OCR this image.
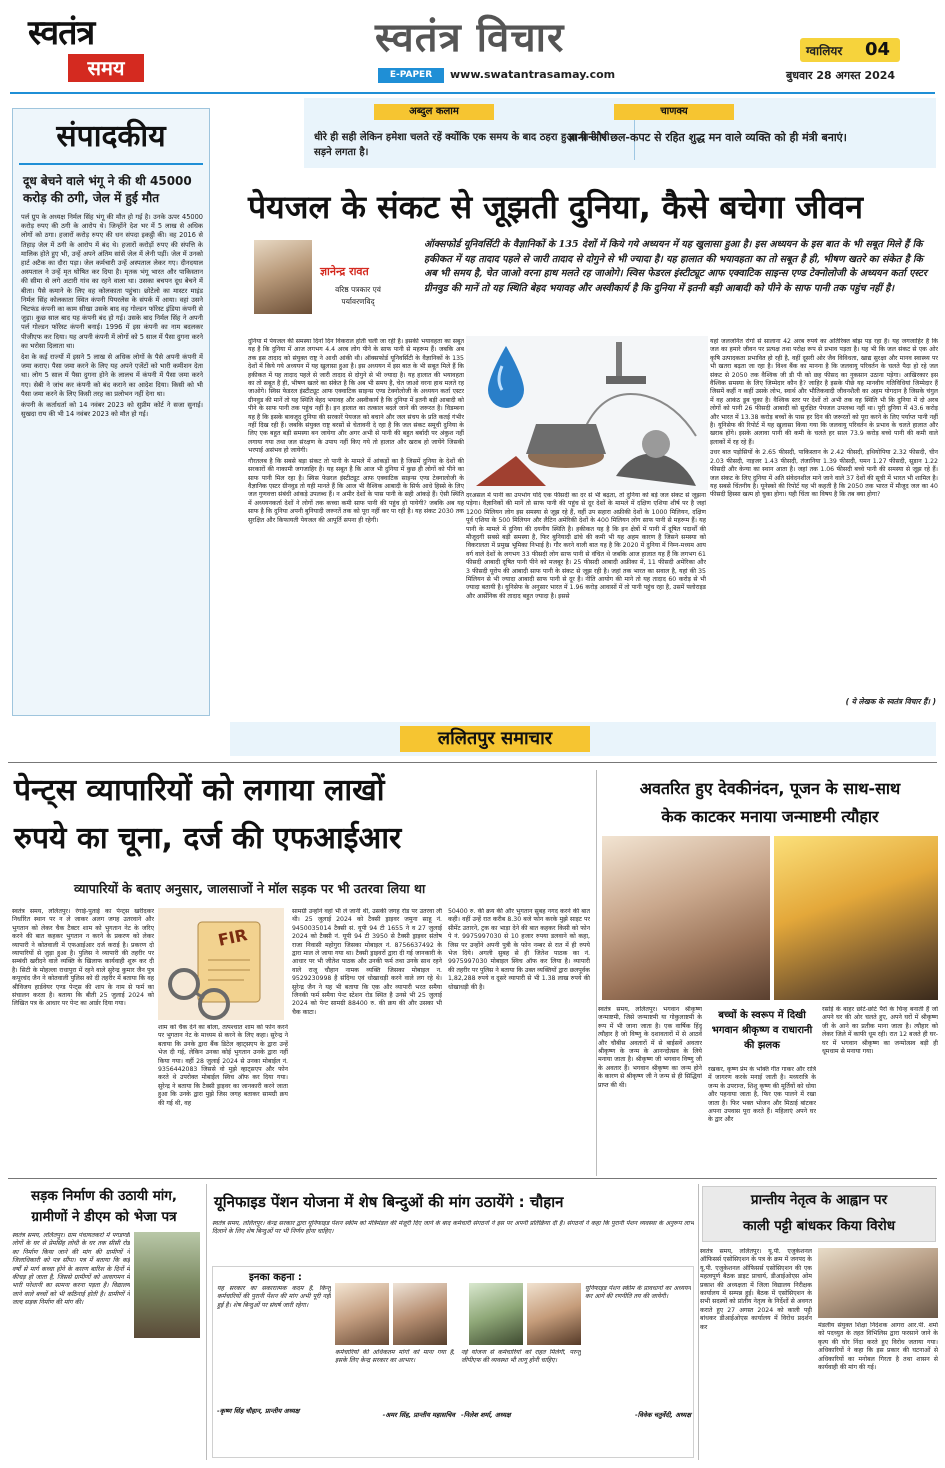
स्वतंत्र
समय
स्वतंत्र विचार
E-PAPER	www.swatantrasamay.com
ग्वालियर 04
बुधवार 28 अगस्त 2024
अब्दुल कलाम
धीरे ही सही लेकिन हमेशा चलते रहें क्योंकि एक समय के बाद ठहरा हुआ पानी भी सड़ने लगता है।
चाणक्य
ज्ञानी और छल-कपट से रहित शुद्ध मन वाले व्यक्ति को ही मंत्री बनाएं।
संपादकीय
दूध बेचने वाले भंगू ने की थी 45000 करोड़ की ठगी, जेल में हुई मौत

पर्ल ग्रुप के अध्यक्ष निर्मल सिंह भंगू की मौत हो गई है। उनके ऊपर 45000 करोड़ रुपए की ठगी के आरोप थे। जिन्होंने देश भर में 5 लाख से अधिक लोगों को ठगा। हजारों करोड़ रुपए की धन संपदा इकट्ठी की। वह 2016 से तिहाड़ जेल में ठगी के आरोप में बंद थे। हजारों करोड़ों रुपए की संपत्ति के मालिक होते हुए भी, उन्हें अपने अंतिम सांसें जेल में लेनी पड़ीं। जेल में उनको हार्ट अटैक का दौरा पड़ा। जेल कर्मचारी उन्हें अस्पताल लेकर गए। दीनदयाल अस्पताल ने उन्हें मृत घोषित कर दिया है। मृतक भंगू भारत और पाकिस्तान की सीमा से लगे अटारी गांव का रहने वाला था। उसका बचपन दूध बेचने में बीता। पैसे कमाने के लिए वह कोलकाता पहुंचा। छोटेलो का मास्टर माइंड निर्मल सिंह कोलकाता स्थित कंपनी पियरलेस के संपर्क में आया। वहां उसने चिटफंड कंपनी का काम सीखा उसके बाद वह गोल्डन फॉरेस्ट इंडिया कंपनी से जुड़ा। कुछ साल बाद यह कंपनी बंद हो गई। उसके बाद निर्मल सिंह ने अपनी पर्ल गोल्डन फॉरेस्ट कंपनी बनाई। 1996 में इस कंपनी का नाम बदलकर पीजीएफ कर दिया। यह अपनी कंपनी में लोगों को 5 साल में पैसा दुगना करने का भरोसा दिलाता था।

देश के कई राज्यों में इसने 5 लाख से अधिक लोगों के पैसे अपनी कंपनी में जमा कराए। पैसा जमा करने के लिए यह अपने एजेंटों को भारी कमीशन देता था। लोग 5 साल में पैसा दुगना होने के लालच में कंपनी में पैसा जमा करने गए। सेबी ने जांच कर कंपनी को बंद कराने का आदेश दिया। किसी को भी पैसा जमा करने के लिए किसी तरह का प्रलोभन नहीं देना था।

कंपनी के कर्ताधर्ता को 14 नवंबर 2023 को सुप्रीम कोर्ट ने सजा सुनाई। सुखदा राय की भी 14 नवंबर 2023 को मौत हो गई।

पेयजल के संकट से जूझती दुनिया, कैसे बचेगा जीवन
ज्ञानेन्द्र रावत
वरिष्ठ पत्रकार एवं पर्यावरणविद्
ऑक्सफोर्ड यूनिवर्सिटी के वैज्ञानिकों के 135 देशों में किये गये अध्ययन में यह खुलासा हुआ है। इस अध्ययन के इस बात के भी सबूत मिले हैं कि हकीकत में यह तादाद पहले से जारी तादाद से दोगुने से भी ज्यादा है। यह हालात की भयावहता का तो सबूत है ही, भीषण खतरे का संकेत है कि अब भी समय है, चेत जाओ वरना हाथ मलते रह जाओगे। स्विस फेडरल इंस्टीट्यूट आफ एक्वाटिक साइन्स एण्ड टेक्नोलोजी के अध्ययन कर्ता एस्टर ग्रीनवुड की मानें तो यह स्थिति बेहद भयावह और अस्वीकार्य है कि दुनिया में इतनी बड़ी आबादी को पीने के साफ पानी तक पहुंच नहीं है।

दुनिया में पेयजल की समस्या दिनों दिन विकराल होती चली जा रही है। इसकी भयावहता का सबूत यह है कि दुनिया में आज लगभग 4.4 अरब लोग पीने के साफ पानी से महरूम हैं। जबकि अब तक इस तादाद को संयुक्त राष्ट्र ने आधी आंकी थी। ऑक्सफोर्ड यूनिवर्सिटी के वैज्ञानिकों के 135 देशों में किये गये अध्ययन में यह खुलासा हुआ है। इस अध्ययन में इस बात के भी सबूत मिले हैं कि हकीकत में यह तादाद पहले से जारी तादाद से दोगुने से भी ज्यादा है। यह हालात की भयावहता का तो सबूत है ही, भीषण खतरे का संकेत है कि अब भी समय है, चेत जाओ वरना हाथ मलते रह जाओगे। स्विस फेडरल इंस्टीट्यूट आफ एक्वाटिक साइन्स एण्ड टेक्नोलोजी के अध्ययन कर्ता एस्टर ग्रीनवुड की मानें तो यह स्थिति बेहद भयावह और अस्वीकार्य है कि दुनिया में इतनी बड़ी आबादी को पीने के साफ पानी तक पहुंच नहीं है। इन हालात का तत्काल बदले जाने की जरूरत है। विडम्बना यह है कि इसके बावजूद दुनिया की सरकारें पेयजल को बचाने और जल संचय के प्रति कतई गंभीर नहीं दिख रही हैं। जबकि संयुक्त राष्ट्र बरसों से चेतावनी दे रहा है कि जल संकट समूची दुनिया के लिए एक बहुत बड़ी समस्या बन जायेगा और अगर अभी से पानी की बहुत बर्बादी पर अंकुश नहीं लगाया गया तथा जल संरक्षण के उपाय नहीं किए गये तो हालात और खराब हो जायेंगे जिसकी भरपाई असंभव हो जायेगी।

गौरतलब है कि सबसे बड़ा संकट तो पानी के मामले में आंकड़ों का है जिसमें दुनिया के देशों की सरकारों की नाकामी जगजाहिर है। यह सबूत है कि आज भी दुनिया में कुछ ही लोगों को पीने का साफ पानी मिल रहा है। स्विस फेडरल इंस्टीट्यूट आफ एक्वाटिक साइन्स एण्ड टेक्नालोजी के वैज्ञानिक एस्टर ग्रीनवुड तो यही मानते हैं कि आज भी वैश्विक आबादी के सिर्फ आधे हिस्से के लिए जल गुणवत्ता संबंधी आंकड़े उपलब्ध हैं। न अमीर देशों के पास पानी के सही आंकड़े हैं। ऐसी स्थिति में अध्ययनकर्ता देशों ने लोगों तक कच्चा कमी साफ पानी की पहुंच हो पायेगी? जबकि अब यह साफ है कि दुनिया अपनी बुनियादी जरूरतें तक को पूरा नहीं कर पा रही है। यह संकट 2030 तक सुरक्षित और किफायती पेयजल की आपूर्ति सपना ही रहेगी।

दरअसल में पानी का उपभोग यदि एक फीसदी का दर से भी बढ़ता, तो दुनिया को बड़े जल संकट से जूझना पड़ेगा। वैज्ञानिकों की मानें तो साफ पानी की पहुंच से दूर देशों के मामले में दक्षिण एशिया शीर्ष पर है जहां 1200 मिलियन लोग इस समस्या से जूझ रहे हैं, वहीं उप सहारा अफ्रीकी देशों के 1000 मिलियन, दक्षिण पूर्व एशिया के 500 मिलियन और लैटिन अमेरिकी देशों के 400 मिलियन लोग साफ पानी से महरूम हैं। यह पानी के मामले में दुनिया की दयनीय स्थिति है। हकीकत यह है कि इन क्षेत्रों में पानी में दूषित पदार्थों की मौजूदगी सबसे बड़ी समस्या है, फिर बुनियादी ढांचे की कमी भी यह अहम कारण है जिसने समस्या को विकरालता में प्रमुख भूमिका निभाई है। गौर करने वाली बात यह है कि 2020 में दुनिया में निम्न-मध्यम आय वर्ग वाले देशों के लगभग 33 फीसदी लोग साफ पानी से वंचित थे जबकि आज हालात यह हैं कि लगभग 61 फीसदी आबादी दूषित पानी पीने को मजबूर है। 25 फीसदी आबादी अफ्रीका में, 11 फीसदी अमेरिका और 3 फीसदी यूरोप की आबादी साफ पानी के संकट से जूझ रही है। जहां तक भारत का सवाल है, यहां की 35 मिलियन से भी ज्यादा आबादी साफ पानी से दूर है। नीति आयोग की माने तो यह तादाद 60 करोड़ से भी ज्यादा बतायी है। यूनिसेफ के अनुसार भारत में 1.96 करोड़ आवासों में तो पानी पहुंच रहा है, उसमें फ्लोराइड और आर्सेनिक की तादाद बहुत ज्यादा है। इससे

यहां जलजनित रोगों से सालाना 42 अरब रुपये का अतिरिक्त बोझ पड़ रहा है। यह जगजाहिर है कि जल का हमारे जीवन पर प्रत्यक्ष तथा परोक्ष रूप से प्रभाव पड़ता है। यह भी कि जल संकट से एक ओर कृषि उत्पादकता प्रभावित हो रही है, वहीं दूसरी ओर जैव विविधता, खाद्य सुरक्षा और मानव स्वास्थ्य पर भी खतरा बढ़ता जा रहा है। विश्व बैंक का मानना है कि जलवायु परिवर्तन के चलते पैदा हो रहे जल संकट से 2050 तक वैश्विक जी डी पी को छह फीसद का नुकसान उठाना पड़ेगा। आखिरकार इस वैश्विक समस्या के लिए जिम्मेदार कौन है? जाहिर है इसके पीछे यह मानवीय गतिविधियां जिम्मेदार हैं जिसमें कहीं न कहीं उसके लोभ, स्वार्थ और भौतिकवादी जीवनशैली का अहम योगदान है जिसके चंगुल में वह आकंठ डूब चुका है। वैश्विक स्तर पर देशों तो अभी तक वह स्थिति भी कि दुनिया में दो अरब लोगों को पानी 26 फीसदी आबादी को सुरक्षित पेयजल उपलब्ध नहीं था। पूरी दुनिया में 43.6 करोड़ और भारत में 13.38 करोड़ बच्चों के पास हर दिन की जरूरतों को पूरा करने के लिए पर्याप्त पानी नहीं है। यूनिसेफ की रिपोर्ट में यह खुलासा किया गया कि जलवायु परिवर्तन के प्रभाव के चलते हालात और खराब होंगे। इसके अलावा पानी की कमी के चलते हर साल 73.9 करोड़ बच्चे पानी की कमी वाले इलाकों में रह रहे हैं।

उधर बात पड़ोसियों के 2.65 फीसदी, पाकिस्तान के 2.42 फीसदी, इथियोपिया 2.32 फीसदी, चीन 2.03 फीसदी, नाइजर 1.43 फीसदी, तंजानिया 1.39 फीसदी, यमन 1.27 फीसदी, सूडान 1.22 फीसदी और केन्या का स्थान आता है। जहां तक 1.06 फीसदी बच्चे पानी की समस्या से जूझ रहे हैं। जल संकट के लिए दुनिया में अति संवेदनशील माने जाने वाले 37 देशों की सूची में भारत भी शामिल है। यह सबसे चिंतनीय है। यूनेस्को की रिपोर्ट यह भी कहती है कि 2050 तक भारत में मौजूद जल का 40 फीसदी हिस्सा खत्म हो चुका होगा। यही चिंता का विषय है कि तब क्या होगा?

( ये लेखक के स्वतंत्र विचार हैं। )
ललितपुर समाचार
पेन्ट्स व्यापारियों को लगाया लाखों
रुपये का चूना, दर्ज की एफआईआर
व्यापारियों के बताए अनुसार, जालसाजों ने मॉल सड़क पर भी उतरवा लिया था
स्वतंत्र समय, ललितपुर। रंगाई-पुताई का पेन्ट्स खरीदकर निर्धारित स्थान पर न ले जाकर अलग जगह उतरवाने और भुगतान को लेकर चैक टैक्टर शाम को भुगतान नेट के जरिए करने की बात कहकर भुगतान न करने के प्रकरण को लेकर व्यापारी ने कोतवाली में एफआईआर दर्ज कराई है। प्रकरण दो व्यापारियों से जुड़ा हुआ है। पुलिस ने व्यापारी की तहरीर पर सम्बंधी खरीदने वाले व्यक्ति के खिलाफ कार्यवाही शुरू कर दी है। सिटी के मोहल्ला राधापुरा में रहने वाले सुरेन्द्र कुमार जैन पुत्र कपूरचंद जैन ने कोतवाली पुलिस को दी तहरीर में बताया कि वह श्रीविजय हार्डवेयर एण्ड पेन्ट्स की शाप के नाम से फर्म का संचालन करता है। बताया कि बीती 25 जुलाई 2024 को लिखित पत्र के आधार पर पेन्ट का आर्डर दिया गया।
FIR
शाम को चैक देने का बोला, तत्पश्चात शाम को फोन करने पर भुगतान नेट के माध्यम से करने के लिए कहा। सुरेन्द्र ने बताया कि उनके द्वारा बैंक डिटेल व्हाट्सएप के द्वारा उन्हें भेज दी गई, लेकिन उनका कोई भुगतान उनके द्वारा नहीं किया गया। वहीं 28 जुलाई 2024 से उनका मोबाईल नं. 9356442083 जिससे वो मुझे व्हाट्सएप और फोन करते थे उपरोक्त मोबाईल स्विच ऑफ कर दिया गया। सुरेन्द्र ने बताया कि टैक्सी ड्राइवर का जानकारी करने जाता हुआ कि उनके द्वारा मुझे जिस जगह बताकर सामग्री क्रय की गई थी, वह
सामग्री उन्होंने वहां भी ले जानी थी, उसकी जगह रोड पर उतरवा ली थी। 25 जुलाई 2024 को टैक्सी ड्राइवर जमुना साहू नं. 9450035014 टैक्सी सं. यूपी 94 टी 1655 ने व 27 जुलाई 2024 को टैक्सी नं. यूपी 94 टी 3950 से टैक्सी ड्राइवर संतोष राजा निवासी महोगुरा जिसका मोबाइल नं. 8756637492 के द्वारा माल ले जाया गया था। टैक्सी ड्राइवरों द्वारा दी गई जानकारी के आधार पर भी जीतेश पाठक और उनकी फर्म तथा उनके साथ रहने वाले राजू चौहान नामक व्यक्ति जिसका मोबाइल न. 9529230998 है संदिग्ध एवं धोखाधड़ी करने वाले लग रहे थे। सुरेन्द्र जैन ने यह भी बताया कि एक और व्यापारी भरत समैया जिनकी फर्म समैया पेन्ट स्टेशन रोड स्थित है उनसे भी 25 जुलाई 2024 को पेन्ट सामग्री 88400 रु. की क्रय की और उसका भी चैक काटा।
50400 रु. की क्रय की और भुगतान सुबह नगद करने की बात कही। वहीं उन्हें रात करीब 8.30 बजे फोन करके मुझे साइट पर सीमेंट उतारने, ट्रक का भाड़ा देने की बात कहकर किसी को फोन पे नं. 9975997030 से 10 हजार रुपया डलवाने को कहा, जिस पर उन्होंने अपनी पुत्री के फोन नम्बर से रात में ही रुपये भेज दिये। अगली सुबह से ही जितेश पाठक का नं. 9975997030 मोबाइल स्विच ऑफ कर लिया है। व्यापारी की तहरीर पर पुलिस ने बताया कि उक्त व्यक्तियों द्वारा छलपूर्वक 1,82,288 रुपये व दूसरे व्यापारी से भी 1.38 लाख रुपये की धोखाधड़ी की है।
अवतरित हुए देवकीनंदन, पूजन के साथ-साथ
केक काटकर मनाया जन्माष्टमी त्यौहार
स्वतंत्र समय, ललितपुर। भगवान श्रीकृष्ण जन्माष्टमी, जिसे जन्माष्टमी या गोकुलाष्टमी के रूप में भी जाना जाता है। एक वार्षिक हिंदू त्यौहार है जो विष्णु के दशावतारों में से आठवें और चौबीस अवतारों में से बाईसवें अवतार श्रीकृष्ण के जन्म के आनन्दोत्सव के लिये मनाया जाता है। श्रीकृष्ण जी भगवान विष्णु जी के अवतार हैं। भगवान श्रीकृष्ण का जन्म होने के कारण से श्रीकृष्ण जी ने जन्म से ही सिद्धियां प्राप्त की थी।
बच्चों के स्वरूप में दिखी भगवान श्रीकृष्ण व राधारानी की झलक
रखकर, कृष्ण प्रेम के भक्ति गीत गाकर और रात्रि में जागरण करके मनाई जाती है। मध्यरात्रि के जन्म के उपरान्त, शिशु कृष्ण की मूर्तियों को धोया और पहनाया जाता है, फिर एक पालने में रखा जाता है। फिर भक्त भोजन और मिठाई बांटकर अपना उपवास पूरा करते हैं। महिलाएं अपने घर के द्वार और
रसोई के बाहर छोटे-छोटे पैरों के चिन्ह बनाती हैं जो अपने घर की ओर चलते हुए, अपने घरों में श्रीकृष्ण जी के आने का प्रतीक माना जाता है। त्यौहार को लेकर जिले में काफी धूम रही। रात 12 बजते ही घर-घर में भगवान श्रीकृष्ण का जन्मोत्सव बड़ी ही धूमधाम से मनाया गया।
सड़क निर्माण की उठायी मांग, ग्रामीणों ने डीएम को भेजा पत्र
स्वतंत्र समय, ललितपुर। ग्राम पंचायतकर्रा में पगडण्डी लोगों के घर से प्रेमसिंह लोधी के घर तक सीसी रोड का निर्माण किया जाने की मांग की ग्रामीणों ने जिलाधिकारी को पत्र सौंपा। पत्र में बताया कि कई वर्षों से मार्ग कच्चा होने के कारण बारिश के दिनों में कीचड़ हो जाता है, जिससे ग्रामीणों को आवागमन में भारी परेशानी का सामना करना पड़ता है। विद्यालय जाने वाले बच्चों को भी कठिनाई होती है। ग्रामीणों ने जल्द सड़क निर्माण की मांग की।
यूनिफाइड पेंशन योजना में शेष बिन्दुओं की मांग उठायेंगे : चौहान
स्वतंत्र समय, ललितपुर। केन्द्र सरकार द्वारा यूनिफाइड पेंशन स्कीम को मंत्रिमंडल की मंजूरी दिए जाने के बाद कर्मचारी संगठनों ने इस पर अपनी प्रतिक्रिया दी है। संगठनों ने कहा कि पुरानी पेंशन व्यवस्था के अनुरूप लाभ दिलाने के लिए शेष बिन्दुओं पर भी निर्णय होना चाहिए।
इनका कहना :
यह सरकार का सकारात्मक कदम है, किन्तु कर्मचारियों की पुरानी पेंशन की मांग अभी पूरी नहीं हुई है। शेष बिन्दुओं पर संघर्ष जारी रहेगा।
-कृष्ण सिंह चौहान, प्रान्तीय अध्यक्ष
कर्मचारियों की अधिकतम मांगों को माना गया है, इसके लिए केन्द्र सरकार का आभार।
-अमर सिंह, प्रान्तीय महासचिव
नई योजना से कर्मचारियों को राहत मिलेगी, परन्तु जीपीएफ की व्यवस्था भी लागू होनी चाहिए।
-निलेश शर्मा, अध्यक्ष
यूनिफाइड पेंशन स्कीम के प्रावधानों का अध्ययन कर आगे की रणनीति तय की जायेगी।
-विवेक चतुर्वेदी, अध्यक्ष
प्रान्तीय नेतृत्व के आह्वान पर
काली पट्टी बांधकर किया विरोध
स्वतंत्र समय, ललितपुर। यू.पी. एजुकेशनल ऑफिसर्स एसोसिएशन के पत्र के क्रम में जनपद के यू.पी. एजुकेशनल ऑफिसर्स एसोसिएशन की एक महत्वपूर्ण बैठक डाइट प्राचार्य, डीआईओएस ओम प्रकाश की अध्यक्षता में जिला विद्यालय निरीक्षक कार्यालय में सम्पन्न हुई। बैठक में एसोसिएशन के सभी सदस्यों को प्रांतीय नेतृत्व के निर्देशों से अवगत कराते हुए 27 अगस्त 2024 को काली पट्टी बांधकर डीआईओएस कार्यालय में विरोध प्रदर्शन कर	मंडलीय संयुक्त शिक्षा निदेशक आगरा आर.पी. शर्मा को पदच्युत के तहत विभिलिस द्वारा फरसाने जाने के कृत्य की घोर निंदा करते हुए विरोध जताया गया। अधिकारियों ने कहा कि इस प्रकार की घटनाओं से अधिकारियों का मनोबल गिरता है तथा शासन से कार्यवाही की मांग की गई।
